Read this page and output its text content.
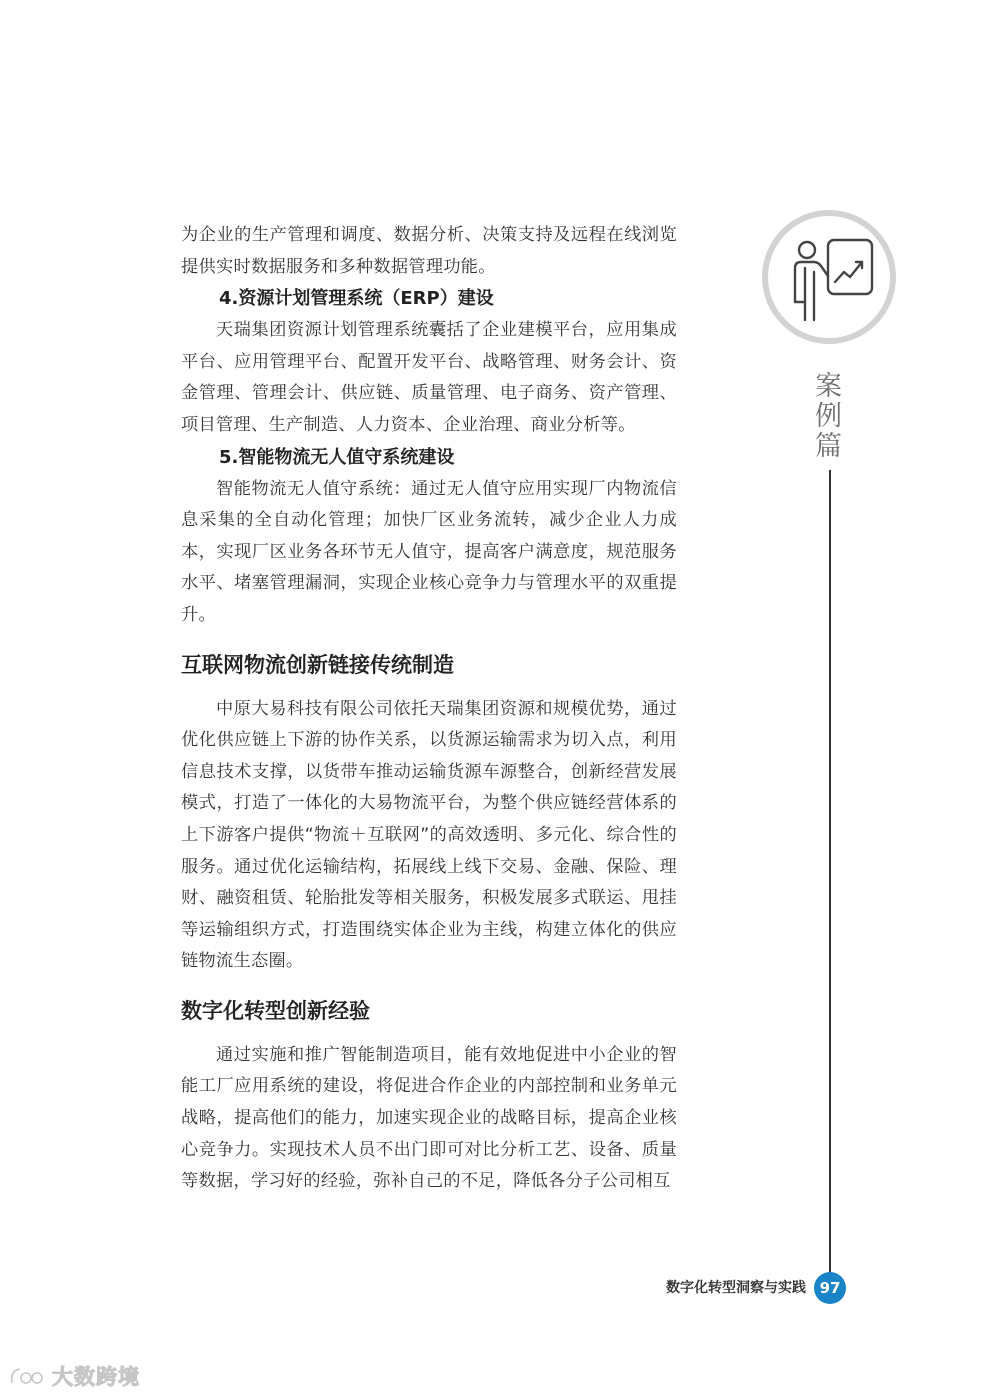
为企业的生产管理和调度、数据分析、决策支持及远程在线浏览提供实时数据服务和多种数据管理功能。

4.资源计划管理系统（ERP）建设

天瑞集团资源计划管理系统囊括了企业建模平台，应用集成平台、应用管理平台、配置开发平台、战略管理、财务会计、资金管理、管理会计、供应链、质量管理、电子商务、资产管理、项目管理、生产制造、人力资本、企业治理、商业分析等。

5.智能物流无人值守系统建设

智能物流无人值守系统：通过无人值守应用实现厂内物流信息采集的全自动化管理；加快厂区业务流转，减少企业人力成本，实现厂区业务各环节无人值守，提高客户满意度，规范服务水平、堵塞管理漏洞，实现企业核心竞争力与管理水平的双重提升。

互联网物流创新链接传统制造

中原大易科技有限公司依托天瑞集团资源和规模优势，通过优化供应链上下游的协作关系，以货源运输需求为切入点，利用信息技术支撑，以货带车推动运输货源车源整合，创新经营发展模式，打造了一体化的大易物流平台，为整个供应链经营体系的上下游客户提供“物流＋互联网”的高效透明、多元化、综合性的服务。通过优化运输结构，拓展线上线下交易、金融、保险、理财、融资租赁、轮胎批发等相关服务，积极发展多式联运、甩挂等运输组织方式，打造围绕实体企业为主线，构建立体化的供应链物流生态圈。

数字化转型创新经验

通过实施和推广智能制造项目，能有效地促进中小企业的智能工厂应用系统的建设，将促进合作企业的内部控制和业务单元战略，提高他们的能力，加速实现企业的战略目标，提高企业核心竞争力。实现技术人员不出门即可对比分析工艺、设备、质量等数据，学习好的经验，弥补自己的不足，降低各分子公司相互

案例篇
数字化转型洞察与实践 97
大数跨境
